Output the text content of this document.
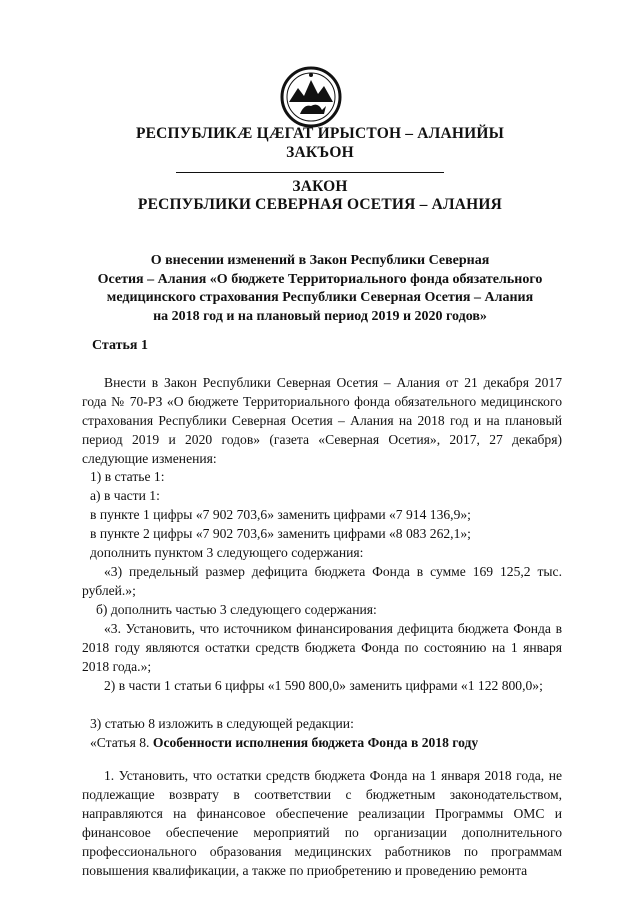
РЕСПУБЛИКӔ ЦӔГАТ ИРЫСТОН – АЛАНИЙЫ
ЗАКЪОН
ЗАКОН
РЕСПУБЛИКИ СЕВЕРНАЯ ОСЕТИЯ – АЛАНИЯ
О внесении изменений в Закон Республики Северная
Осетия – Алания «О бюджете Территориального фонда обязательного
медицинского страхования Республики Северная Осетия – Алания
на 2018 год и на плановый период 2019 и 2020 годов»
Статья 1

Внести в Закон Республики Северная Осетия – Алания от 21 декабря 2017 года № 70-РЗ «О бюджете Территориального фонда обязательного медицинского страхования Республики Северная Осетия – Алания на 2018 год и на плановый период 2019 и 2020 годов» (газета «Северная Осетия», 2017, 27 декабря) следующие изменения:

1) в статье 1:
а) в части 1:
в пункте 1 цифры «7 902 703,6» заменить цифрами «7 914 136,9»;
в пункте 2 цифры «7 902 703,6» заменить цифрами «8 083 262,1»;
дополнить пунктом 3 следующего содержания:

«3) предельный размер дефицита бюджета Фонда в сумме 169 125,2 тыс. рублей.»;

б) дополнить частью 3 следующего содержания:

«3. Установить, что источником финансирования дефицита бюджета Фонда в 2018 году являются остатки средств бюджета Фонда по состоянию на 1 января 2018 года.»;

2) в части 1 статьи 6 цифры «1 590 800,0» заменить цифрами «1 122 800,0»;

3) статью 8 изложить в следующей редакции:
«Статья 8. Особенности исполнения бюджета Фонда в 2018 году

1. Установить, что остатки средств бюджета Фонда на 1 января 2018 года, не подлежащие возврату в соответствии с бюджетным законодательством, направляются на финансовое обеспечение реализации Программы ОМС и финансовое обеспечение мероприятий по организации дополнительного профессионального образования медицинских работников по программам повышения квалификации, а также по приобретению и проведению ремонта
